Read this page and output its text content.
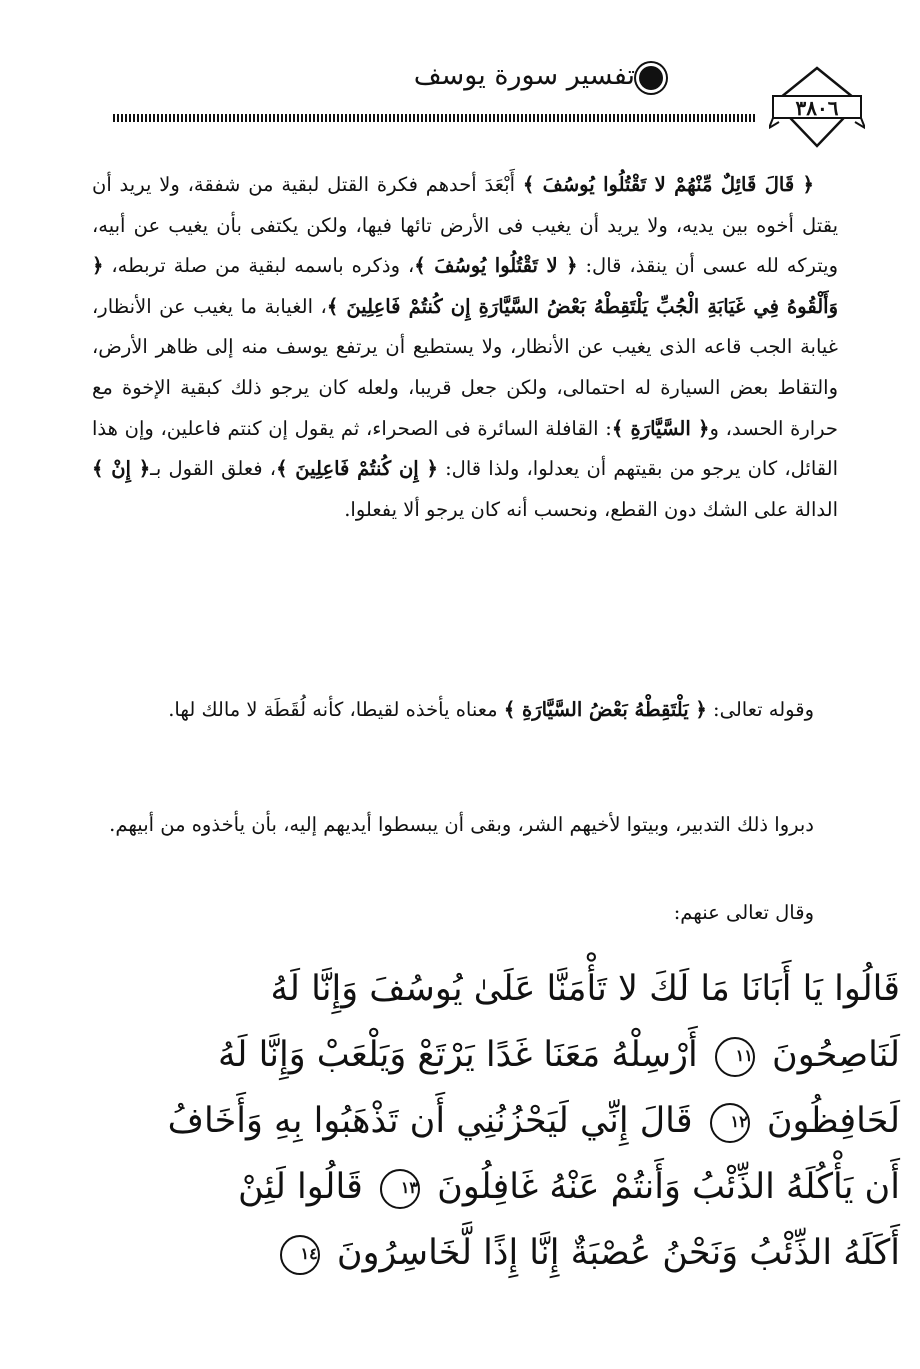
تفسير سورة يوسف
٣٨٠٦
﴿ قَالَ قَائِلٌ مِّنْهُمْ لا تَقْتُلُوا يُوسُفَ ﴾ أَبْعَدَ أحدهم فكرة القتل لبقية من شفقة، ولا يريد أن يقتل أخوه بين يديه، ولا يريد أن يغيب فى الأرض تائها فيها، ولكن يكتفى بأن يغيب عن أبيه، ويتركه لله عسى أن ينقذ، قال: ﴿ لا تَقْتُلُوا يُوسُفَ ﴾، وذكره باسمه لبقية من صلة تربطه، ﴿ وَأَلْقُوهُ فِي غَيَابَةِ الْجُبِّ يَلْتَقِطْهُ بَعْضُ السَّيَّارَةِ إِن كُنتُمْ فَاعِلِينَ ﴾، الغيابة ما يغيب عن الأنظار، غيابة الجب قاعه الذى يغيب عن الأنظار، ولا يستطيع أن يرتفع يوسف منه إلى ظاهر الأرض، والتقاط بعض السيارة له احتمالى، ولكن جعل قريبا، ولعله كان يرجو ذلك كبقية الإخوة مع حرارة الحسد، و﴿ السَّيَّارَةِ ﴾: القافلة السائرة فى الصحراء، ثم يقول إن كنتم فاعلين، وإن هذا القائل، كان يرجو من بقيتهم أن يعدلوا، ولذا قال: ﴿ إِن كُنتُمْ فَاعِلِينَ ﴾، فعلق القول بـ﴿ إِنْ ﴾ الدالة على الشك دون القطع، ونحسب أنه كان يرجو ألا يفعلوا.
وقوله تعالى: ﴿ يَلْتَقِطْهُ بَعْضُ السَّيَّارَةِ ﴾ معناه يأخذه لقيطا، كأنه لُقَطَة لا مالك لها.
دبروا ذلك التدبير، وبيتوا لأخيهم الشر، وبقى أن يبسطوا أيديهم إليه، بأن يأخذوه من أبيهم.
وقال تعالى عنهم:
قَالُوا يَا أَبَانَا مَا لَكَ لا تَأْمَنَّا عَلَىٰ يُوسُفَ وَإِنَّا لَهُ
لَنَاصِحُونَ ١١ أَرْسِلْهُ مَعَنَا غَدًا يَرْتَعْ وَيَلْعَبْ وَإِنَّا لَهُ
لَحَافِظُونَ ١٢ قَالَ إِنِّي لَيَحْزُنُنِي أَن تَذْهَبُوا بِهِ وَأَخَافُ
أَن يَأْكُلَهُ الذِّئْبُ وَأَنتُمْ عَنْهُ غَافِلُونَ ١٣ قَالُوا لَئِنْ
أَكَلَهُ الذِّئْبُ وَنَحْنُ عُصْبَةٌ إِنَّا إِذًا لَّخَاسِرُونَ ١٤
